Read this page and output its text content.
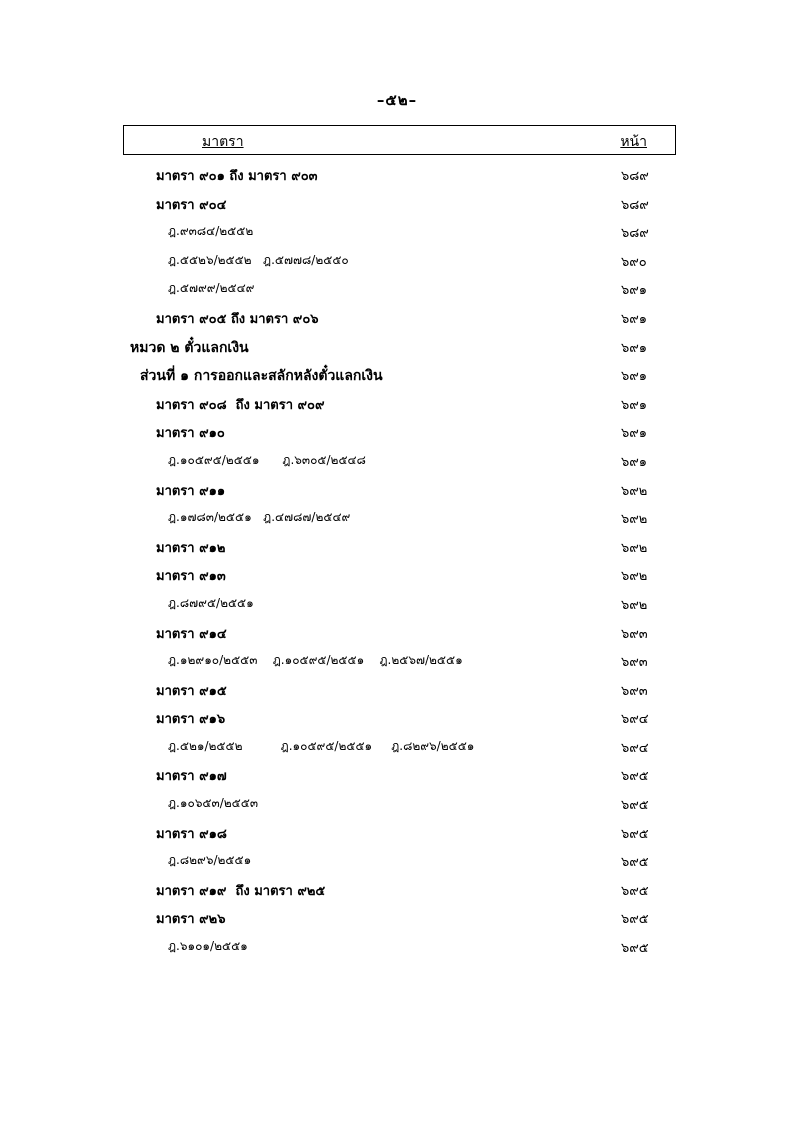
–๕๒–
มาตรา	หน้า
มาตรา ๙๐๑ ถึง มาตรา ๙๐๓	๖๘๙
มาตรา ๙๐๔	๖๘๙
ฎ.๙๓๘๔/๒๕๕๒	๖๘๙
ฎ.๕๕๒๖/๒๕๕๒   ฎ.๕๗๗๘/๒๕๕๐	๖๙๐
ฎ.๕๗๙๙/๒๕๔๙	๖๙๑
มาตรา ๙๐๕ ถึง มาตรา ๙๐๖	๖๙๑
หมวด ๒ ตั๋วแลกเงิน	๖๙๑
ส่วนที่ ๑ การออกและสลักหลังตั๋วแลกเงิน	๖๙๑
มาตรา ๙๐๘  ถึง มาตรา ๙๐๙	๖๙๑
มาตรา ๙๑๐	๖๙๑
ฎ.๑๐๕๙๕/๒๕๕๑      ฎ.๖๓๐๕/๒๕๔๘	๖๙๑
มาตรา ๙๑๑	๖๙๒
ฎ.๑๗๘๓/๒๕๕๑   ฎ.๔๗๘๗/๒๕๔๙	๖๙๒
มาตรา ๙๑๒	๖๙๒
มาตรา ๙๑๓	๖๙๒
ฎ.๘๗๙๕/๒๕๕๑	๖๙๒
มาตรา ๙๑๔	๖๙๓
ฎ.๑๒๙๑๐/๒๕๕๓    ฎ.๑๐๕๙๕/๒๕๕๑    ฎ.๒๕๖๗/๒๕๕๑	๖๙๓
มาตรา ๙๑๕	๖๙๓
มาตรา ๙๑๖	๖๙๔
ฎ.๕๒๑/๒๕๕๒          ฎ.๑๐๕๙๕/๒๕๕๑     ฎ.๘๒๙๖/๒๕๕๑	๖๙๔
มาตรา ๙๑๗	๖๙๕
ฎ.๑๐๖๕๓/๒๕๕๓	๖๙๕
มาตรา ๙๑๘	๖๙๕
ฎ.๘๒๙๖/๒๕๕๑	๖๙๕
มาตรา ๙๑๙  ถึง มาตรา ๙๒๕	๖๙๕
มาตรา ๙๒๖	๖๙๕
ฎ.๖๑๐๑/๒๕๕๑	๖๙๕
